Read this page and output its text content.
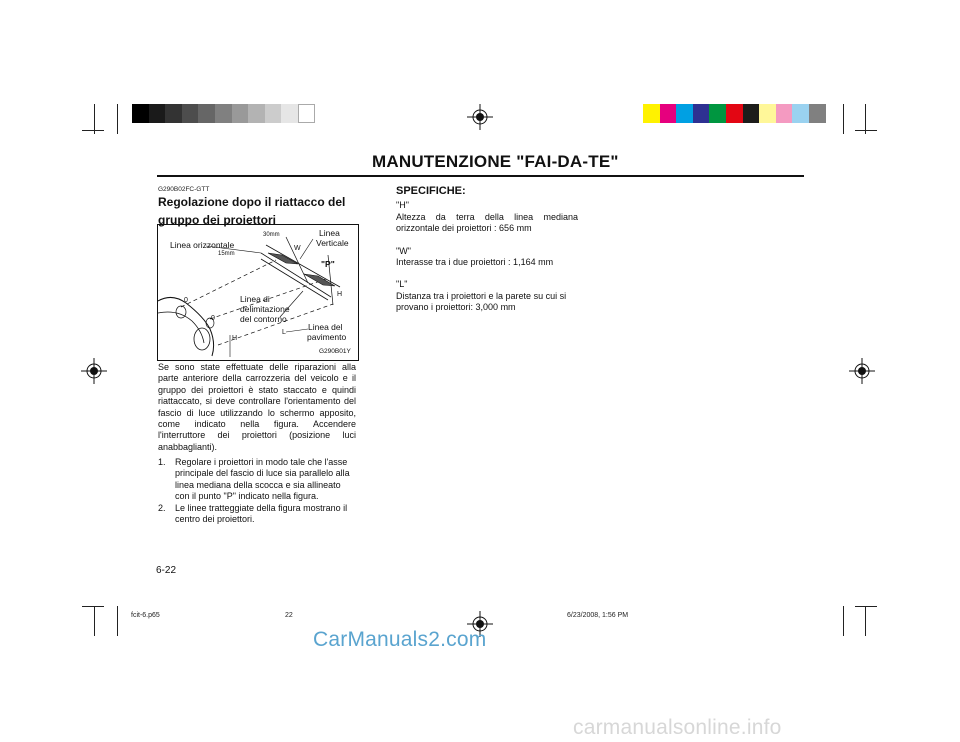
MANUTENZIONE "FAI-DA-TE"
G290B02FC-GTT
Regolazione dopo il riattacco del gruppo dei proiettori
Linea orizzontale
Linea
Verticale
"P"
Linea di
delimitazione
del contorno
Linea del
pavimento
30mm
15mm
W
H
H
L
0
0
G290B01Y
Se sono state effettuate delle riparazioni alla parte anteriore della carrozzeria del veicolo e il gruppo dei proiettori è stato staccato e quindi riattaccato, si deve controllare l'orientamento del fascio di luce utilizzando lo schermo apposito, come indicato nella figura. Accendere l'interruttore dei proiettori (posizione luci anabbaglianti).
1. Regolare i proiettori in modo tale che l'asse principale del fascio di luce sia parallelo alla linea mediana della scocca e sia allineato con il punto "P" indicato nella figura.
2. Le linee tratteggiate della figura mostrano il centro dei proiettori.
SPECIFICHE:
"H"
Altezza da terra della linea mediana orizzontale dei proiettori : 656 mm
"W"
Interasse tra i due proiettori : 1,164 mm
"L"
Distanza tra i proiettori e la parete su cui si provano i proiettori: 3,000 mm
6-22
fcit-6.p65	22	6/23/2008, 1:56 PM
CarManuals2.com
carmanualsonline.info
